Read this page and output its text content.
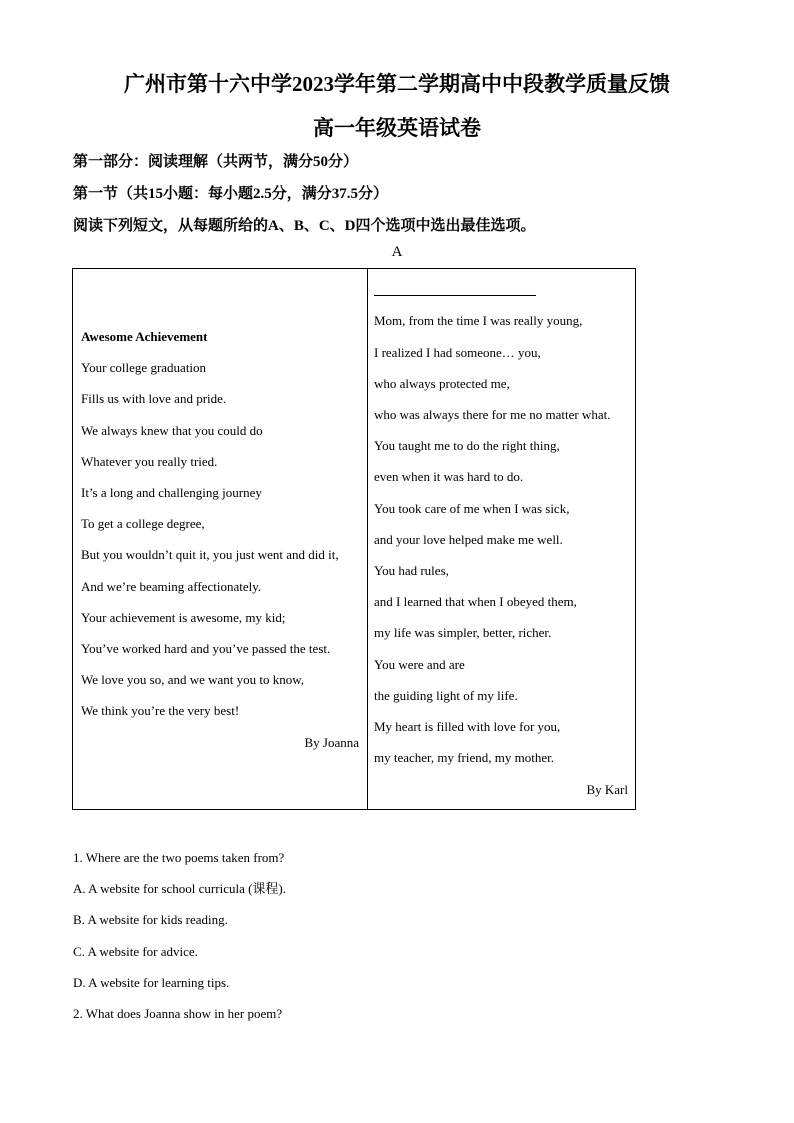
广州市第十六中学2023学年第二学期高中中段教学质量反馈
高一年级英语试卷
第一部分：阅读理解（共两节，满分50分）
第一节（共15小题：每小题2.5分，满分37.5分）
阅读下列短文，从每题所给的A、B、C、D四个选项中选出最佳选项。
A
Awesome Achievement
Your college graduation
Fills us with love and pride.
We always knew that you could do
Whatever you really tried.
It’s a long and challenging journey
To get a college degree,
But you wouldn’t quit it, you just went and did it,
And we’re beaming affectionately.
Your achievement is awesome, my kid;
You’ve worked hard and you’ve passed the test.
We love you so, and we want you to know,
We think you’re the very best!
By Joanna
Mom, from the time I was really young,
I realized I had someone… you,
who always protected me,
who was always there for me no matter what.
You taught me to do the right thing,
even when it was hard to do.
You took care of me when I was sick,
and your love helped make me well.
You had rules,
and I learned that when I obeyed them,
my life was simpler, better, richer.
You were and are
the guiding light of my life.
My heart is filled with love for you,
my teacher, my friend, my mother.
By Karl
1. Where are the two poems taken from?
A. A website for school curricula (课程).
B. A website for kids reading.
C. A website for advice.
D. A website for learning tips.
2. What does Joanna show in her poem?
